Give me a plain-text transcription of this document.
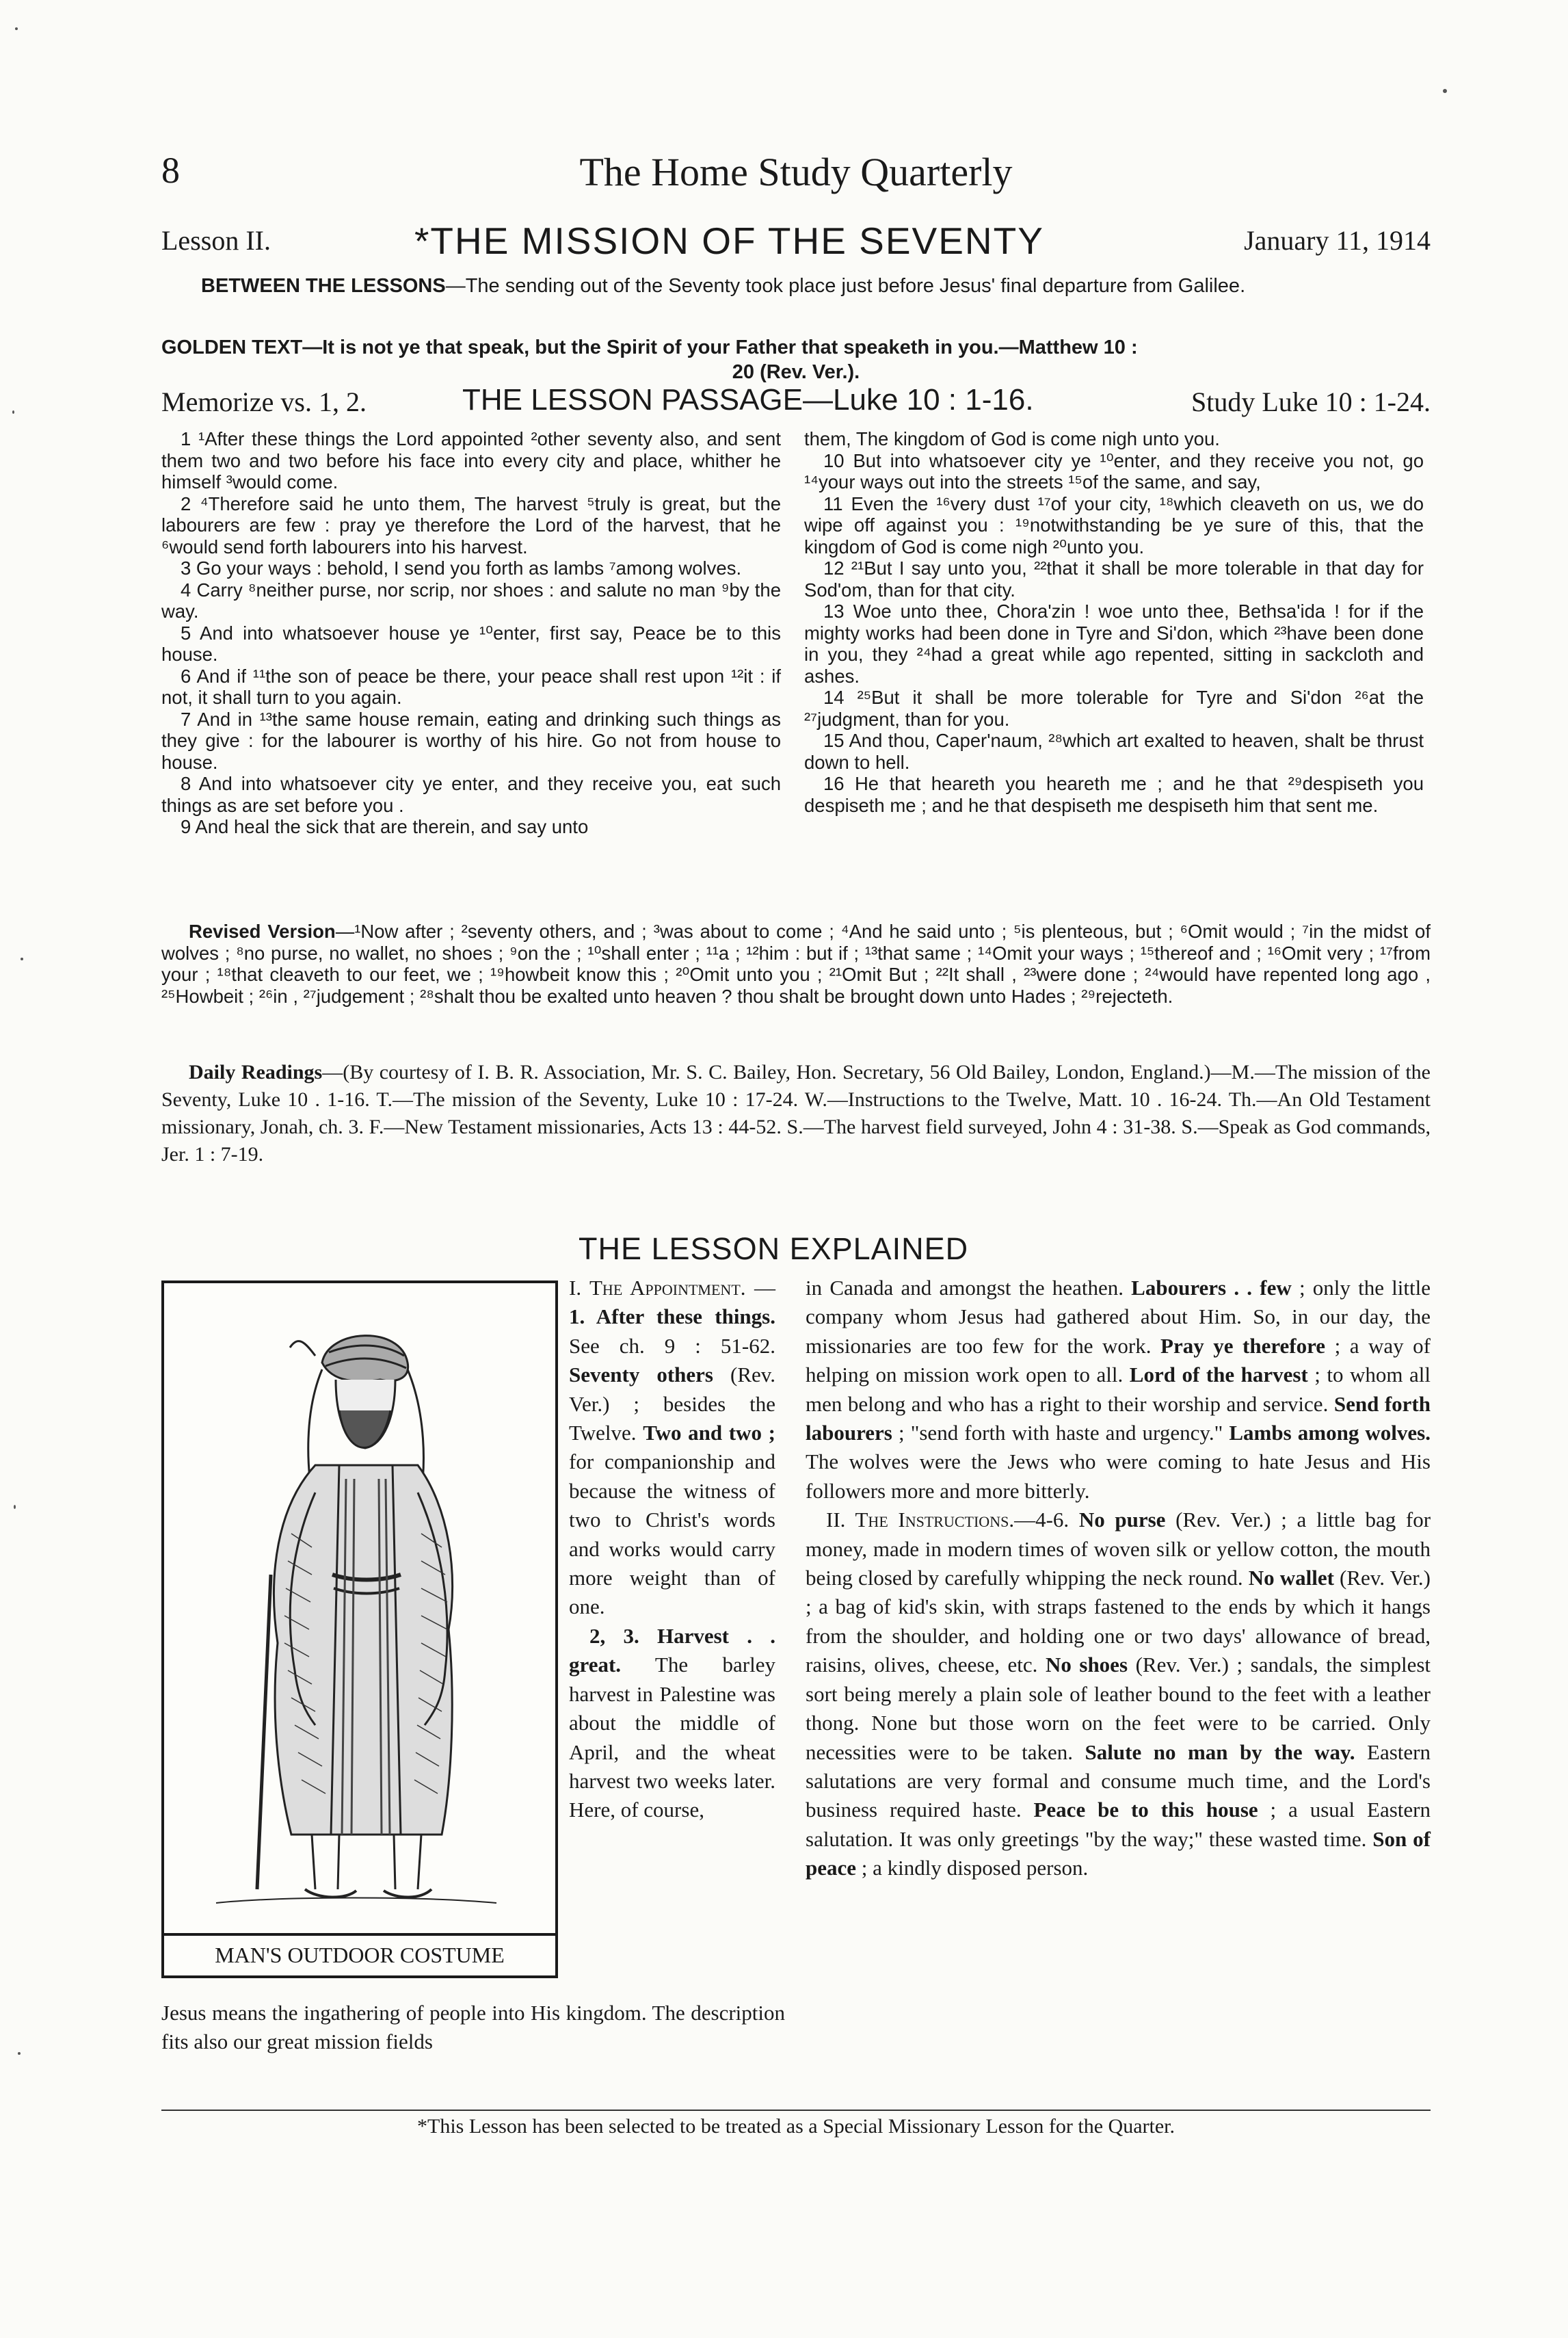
8	The Home Study Quarterly
Lesson II.	*THE MISSION OF THE SEVENTY	January 11, 1914
BETWEEN THE LESSONS—The sending out of the Seventy took place just before Jesus' final departure from Galilee.
GOLDEN TEXT—It is not ye that speak, but the Spirit of your Father that speaketh in you.—Matthew 10 :
20 (Rev. Ver.).
Memorize vs. 1, 2.	THE LESSON PASSAGE—Luke 10 : 1-16.	Study Luke 10 : 1-24.

1 ¹After these things the Lord appointed ²other seventy also, and sent them two and two before his face into every city and place, whither he himself ³would come.

2 ⁴Therefore said he unto them, The harvest ⁵truly is great, but the labourers are few : pray ye therefore the Lord of the harvest, that he ⁶would send forth labourers into his harvest.

3 Go your ways : behold, I send you forth as lambs ⁷among wolves.

4 Carry ⁸neither purse, nor scrip, nor shoes : and salute no man ⁹by the way.

5 And into whatsoever house ye ¹⁰enter, first say, Peace be to this house.

6 And if ¹¹the son of peace be there, your peace shall rest upon ¹²it : if not, it shall turn to you again.

7 And in ¹³the same house remain, eating and drinking such things as they give : for the labourer is worthy of his hire. Go not from house to house.

8 And into whatsoever city ye enter, and they receive you, eat such things as are set before you .

9 And heal the sick that are therein, and say unto

them, The kingdom of God is come nigh unto you.

10 But into whatsoever city ye ¹⁰enter, and they receive you not, go ¹⁴your ways out into the streets ¹⁵of the same, and say,

11 Even the ¹⁶very dust ¹⁷of your city, ¹⁸which cleaveth on us, we do wipe off against you : ¹⁹notwithstanding be ye sure of this, that the kingdom of God is come nigh ²⁰unto you.

12 ²¹But I say unto you, ²²that it shall be more tolerable in that day for Sod'om, than for that city.

13 Woe unto thee, Chora'zin ! woe unto thee, Bethsa'ida ! for if the mighty works had been done in Tyre and Si'don, which ²³have been done in you, they ²⁴had a great while ago repented, sitting in sackcloth and ashes.

14 ²⁵But it shall be more tolerable for Tyre and Si'don ²⁶at the ²⁷judgment, than for you.

15 And thou, Caper'naum, ²⁸which art exalted to heaven, shalt be thrust down to hell.

16 He that heareth you heareth me ; and he that ²⁹despiseth you despiseth me ; and he that despiseth me despiseth him that sent me.

Revised Version—¹Now after ; ²seventy others, and ; ³was about to come ; ⁴And he said unto ; ⁵is plenteous, but ; ⁶Omit would ; ⁷in the midst of wolves ; ⁸no purse, no wallet, no shoes ; ⁹on the ; ¹⁰shall enter ; ¹¹a ; ¹²him : but if ; ¹³that same ; ¹⁴Omit your ways ; ¹⁵thereof and ; ¹⁶Omit very ; ¹⁷from your ; ¹⁸that cleaveth to our feet, we ; ¹⁹howbeit know this ; ²⁰Omit unto you ; ²¹Omit But ; ²²It shall , ²³were done ; ²⁴would have repented long ago , ²⁵Howbeit ; ²⁶in , ²⁷judgement ; ²⁸shalt thou be exalted unto heaven ? thou shalt be brought down unto Hades ; ²⁹rejecteth.

Daily Readings—(By courtesy of I. B. R. Association, Mr. S. C. Bailey, Hon. Secretary, 56 Old Bailey, London, England.)—M.—The mission of the Seventy, Luke 10 . 1-16. T.—The mission of the Seventy, Luke 10 : 17-24. W.—Instructions to the Twelve, Matt. 10 . 16-24. Th.—An Old Testament missionary, Jonah, ch. 3. F.—New Testament missionaries, Acts 13 : 44-52. S.—The harvest field surveyed, John 4 : 31-38. S.—Speak as God commands, Jer. 1 : 7-19.

THE LESSON EXPLAINED
MAN'S OUTDOOR COSTUME

I. The Appointment. — 1. After these things. See ch. 9 : 51-62. Seventy others (Rev. Ver.) ; besides the Twelve. Two and two ; for companionship and because the witness of two to Christ's words and works would carry more weight than of one.

2, 3. Harvest . . great. The barley harvest in Palestine was about the middle of April, and the wheat harvest two weeks later. Here, of course,

Jesus means the ingathering of people into His kingdom. The description fits also our great mission fields

in Canada and amongst the heathen. Labourers . . few ; only the little company whom Jesus had gathered about Him. So, in our day, the missionaries are too few for the work. Pray ye therefore ; a way of helping on mission work open to all. Lord of the harvest ; to whom all men belong and who has a right to their worship and service. Send forth labourers ; "send forth with haste and urgency." Lambs among wolves. The wolves were the Jews who were coming to hate Jesus and His followers more and more bitterly.

II. The Instructions.—4-6. No purse (Rev. Ver.) ; a little bag for money, made in modern times of woven silk or yellow cotton, the mouth being closed by carefully whipping the neck round. No wallet (Rev. Ver.) ; a bag of kid's skin, with straps fastened to the ends by which it hangs from the shoulder, and holding one or two days' allowance of bread, raisins, olives, cheese, etc. No shoes (Rev. Ver.) ; sandals, the simplest sort being merely a plain sole of leather bound to the feet with a leather thong. None but those worn on the feet were to be carried. Only necessities were to be taken. Salute no man by the way. Eastern salutations are very formal and consume much time, and the Lord's business required haste. Peace be to this house ; a usual Eastern salutation. It was only greetings "by the way;" these wasted time. Son of peace ; a kindly disposed person.

*This Lesson has been selected to be treated as a Special Missionary Lesson for the Quarter.
